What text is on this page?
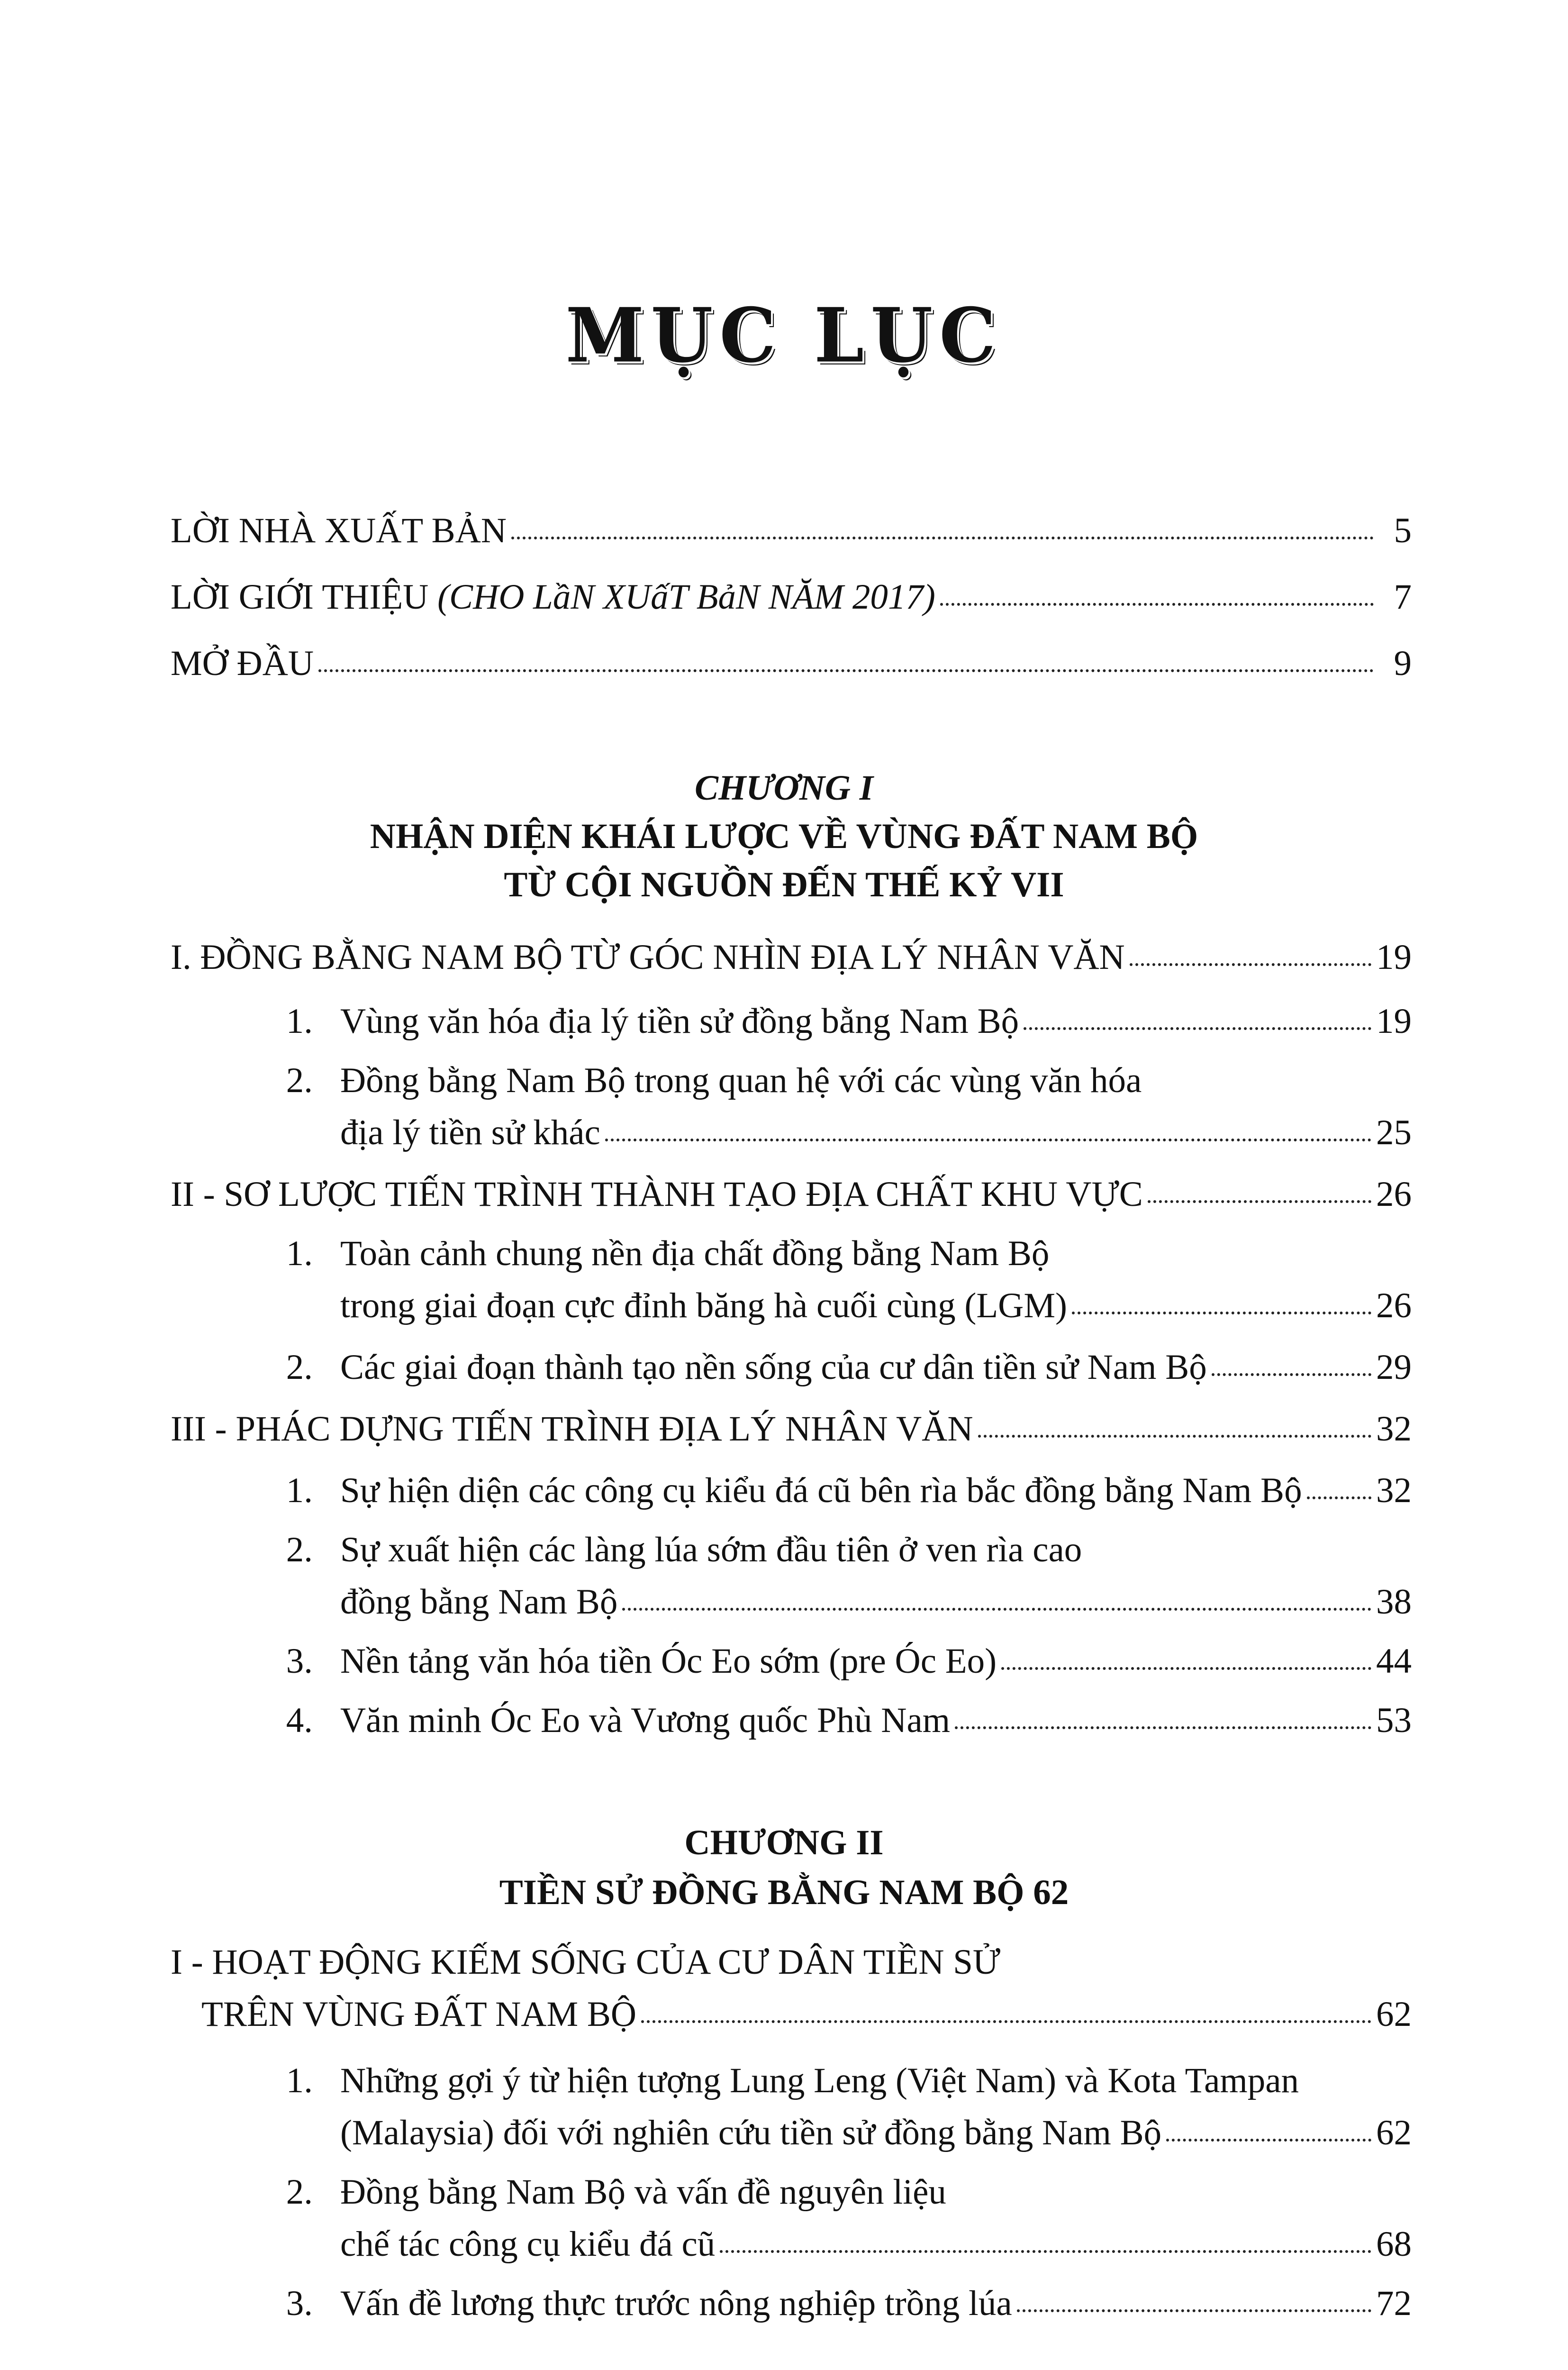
MỤC LỤC
LỜI NHÀ XUẤT BẢN	5
LỜI GIỚI THIỆU (CHO LầN XUấT BảN NĂM 2017)	7
MỞ ĐẦU	9
CHƯƠNG I
NHẬN DIỆN KHÁI LƯỢC VỀ VÙNG ĐẤT NAM BỘ
TỪ CỘI NGUỒN ĐẾN THẾ KỶ VII
I. ĐỒNG BẰNG NAM BỘ TỪ GÓC NHÌN ĐỊA LÝ NHÂN VĂN	19
1. Vùng văn hóa địa lý tiền sử đồng bằng Nam Bộ	19
2. Đồng bằng Nam Bộ trong quan hệ với các vùng văn hóa
địa lý tiền sử khác	25
II - SƠ LƯỢC TIẾN TRÌNH THÀNH TẠO ĐỊA CHẤT KHU VỰC	26
1. Toàn cảnh chung nền địa chất đồng bằng Nam Bộ
trong giai đoạn cực đỉnh băng hà cuối cùng (LGM)	26
2. Các giai đoạn thành tạo nền sống của cư dân tiền sử Nam Bộ	29
III - PHÁC DỰNG TIẾN TRÌNH ĐỊA LÝ NHÂN VĂN	32
1. Sự hiện diện các công cụ kiểu đá cũ bên rìa bắc đồng bằng Nam Bộ 32
2. Sự xuất hiện các làng lúa sớm đầu tiên ở ven rìa cao
đồng bằng Nam Bộ	38
3. Nền tảng văn hóa tiền Óc Eo sớm (pre Óc Eo)	44
4. Văn minh Óc Eo và Vương quốc Phù Nam	53
CHƯƠNG II
TIỀN SỬ ĐỒNG BẰNG NAM BỘ 62
I - HOẠT ĐỘNG KIẾM SỐNG CỦA CƯ DÂN TIỀN SỬ
TRÊN VÙNG ĐẤT NAM BỘ	62
1. Những gợi ý từ hiện tượng Lung Leng (Việt Nam) và Kota Tampan
(Malaysia) đối với nghiên cứu tiền sử đồng bằng Nam Bộ	62
2. Đồng bằng Nam Bộ và vấn đề nguyên liệu
chế tác công cụ kiểu đá cũ	68
3. Vấn đề lương thực trước nông nghiệp trồng lúa	72
